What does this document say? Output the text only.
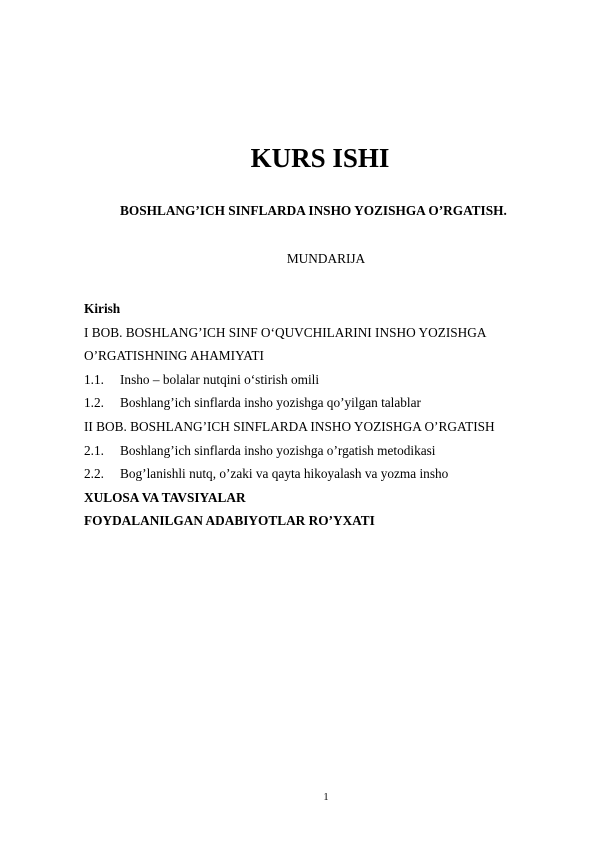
KURS ISHI
BOSHLANG’ICH SINFLARDA INSHO YOZISHGA O’RGATISH.
MUNDARIJA
Kirish
I BOB. BOSHLANG’ICH SINF O‘QUVCHILARINI INSHO YOZISHGA
O’RGATISHNING AHAMIYATI
1.1. Insho – bolalar nutqini o‘stirish omili
1.2. Boshlang’ich sinflarda insho yozishga qo’yilgan talablar
II BOB. BOSHLANG’ICH SINFLARDA INSHO YOZISHGA O’RGATISH
2.1. Boshlang’ich sinflarda insho yozishga o’rgatish metodikasi
2.2. Bog’lanishli nutq, o’zaki va qayta hikoyalash va yozma insho
XULOSA VA TAVSIYALAR
FOYDALANILGAN ADABIYOTLAR RO’YXATI
1
